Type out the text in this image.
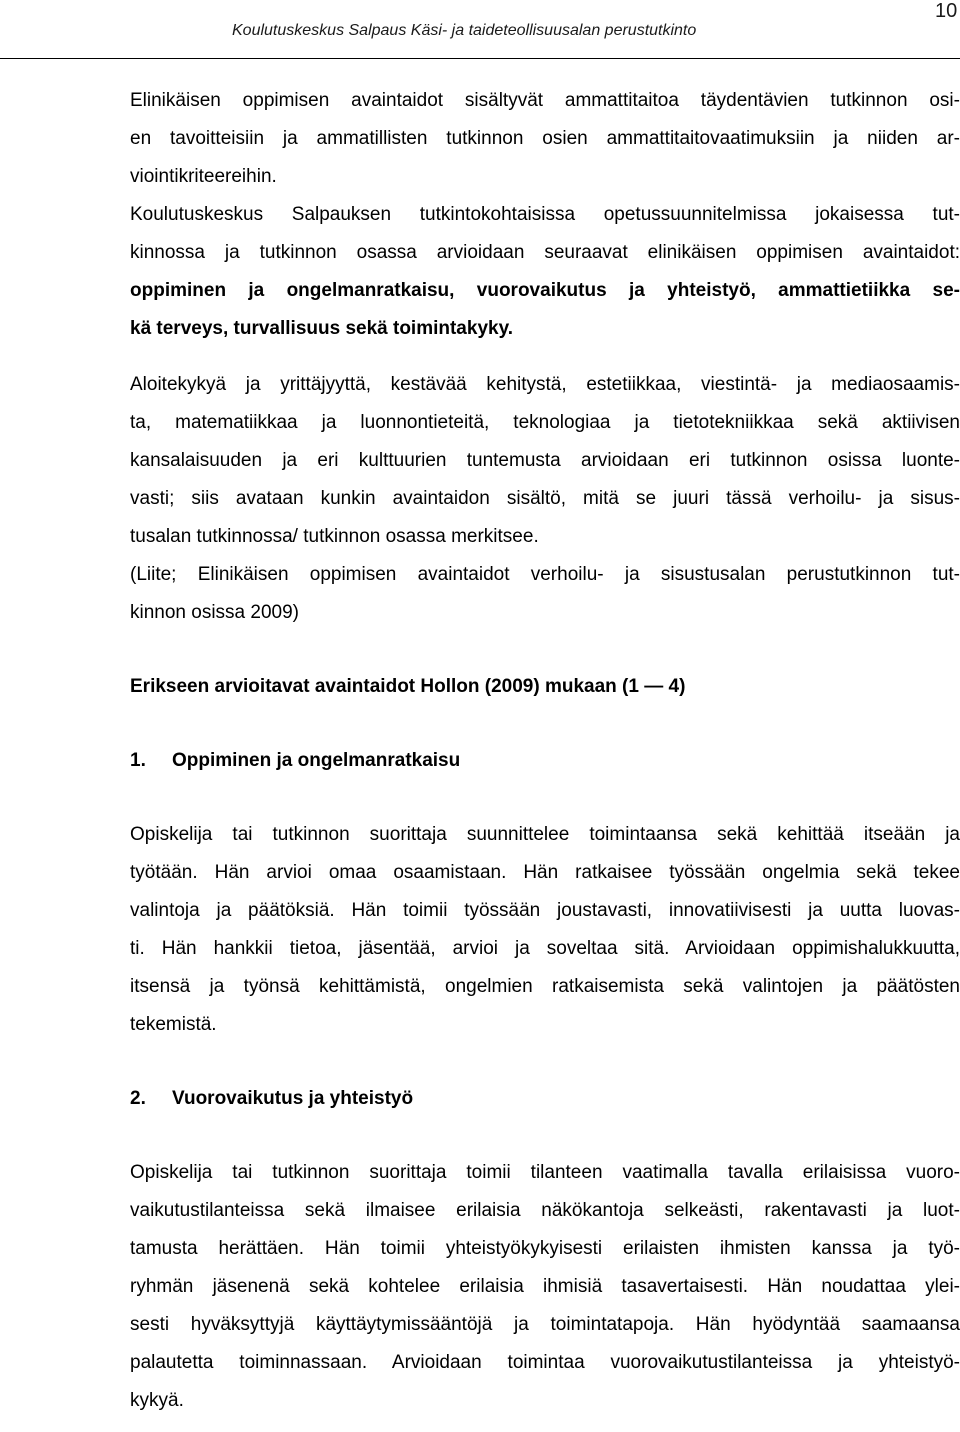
Koulutuskeskus Salpaus Käsi- ja taideteollisuusalan perustutkinto
10

Elinikäisen oppimisen avaintaidot sisältyvät ammattitaitoa täydentävien tutkinnon osi-
en tavoitteisiin ja ammatillisten tutkinnon osien ammattitaitovaatimuksiin ja niiden ar-
viointikriteereihin.

Koulutuskeskus Salpauksen tutkintokohtaisissa opetussuunnitelmissa jokaisessa tut-
kinnossa ja tutkinnon osassa arvioidaan seuraavat elinikäisen oppimisen avaintaidot:
oppiminen ja ongelmanratkaisu, vuorovaikutus ja yhteistyö, ammattietiikka se-
kä terveys, turvallisuus sekä toimintakyky.

Aloitekykyä ja yrittäjyyttä, kestävää kehitystä, estetiikkaa, viestintä- ja mediaosaamis-
ta, matematiikkaa ja luonnontieteitä, teknologiaa ja tietotekniikkaa sekä aktiivisen
kansalaisuuden ja eri kulttuurien tuntemusta arvioidaan eri tutkinnon osissa luonte-
vasti; siis avataan kunkin avaintaidon sisältö, mitä se juuri tässä verhoilu- ja sisus-
tusalan tutkinnossa/ tutkinnon osassa merkitsee.
(Liite; Elinikäisen oppimisen avaintaidot verhoilu- ja sisustusalan perustutkinnon tut-
kinnon osissa 2009)

Erikseen arvioitavat avaintaidot Hollon (2009) mukaan (1 — 4)

1. Oppiminen ja ongelmanratkaisu

Opiskelija tai tutkinnon suorittaja suunnittelee toimintaansa sekä kehittää itseään ja
työtään. Hän arvioi omaa osaamistaan. Hän ratkaisee työssään ongelmia sekä tekee
valintoja ja päätöksiä. Hän toimii työssään joustavasti, innovatiivisesti ja uutta luovas-
ti. Hän hankkii tietoa, jäsentää, arvioi ja soveltaa sitä. Arvioidaan oppimishalukkuutta,
itsensä ja työnsä kehittämistä, ongelmien ratkaisemista sekä valintojen ja päätösten
tekemistä.

2. Vuorovaikutus ja yhteistyö

Opiskelija tai tutkinnon suorittaja toimii tilanteen vaatimalla tavalla erilaisissa vuoro-
vaikutustilanteissa sekä ilmaisee erilaisia näkökantoja selkeästi, rakentavasti ja luot-
tamusta herättäen. Hän toimii yhteistyökykyisesti erilaisten ihmisten kanssa ja työ-
ryhmän jäsenenä sekä kohtelee erilaisia ihmisiä tasavertaisesti. Hän noudattaa ylei-
sesti hyväksyttyjä käyttäytymissääntöjä ja toimintatapoja. Hän hyödyntää saamaansa
palautetta toiminnassaan. Arvioidaan toimintaa vuorovaikutustilanteissa ja yhteistyö-
kykyä.
